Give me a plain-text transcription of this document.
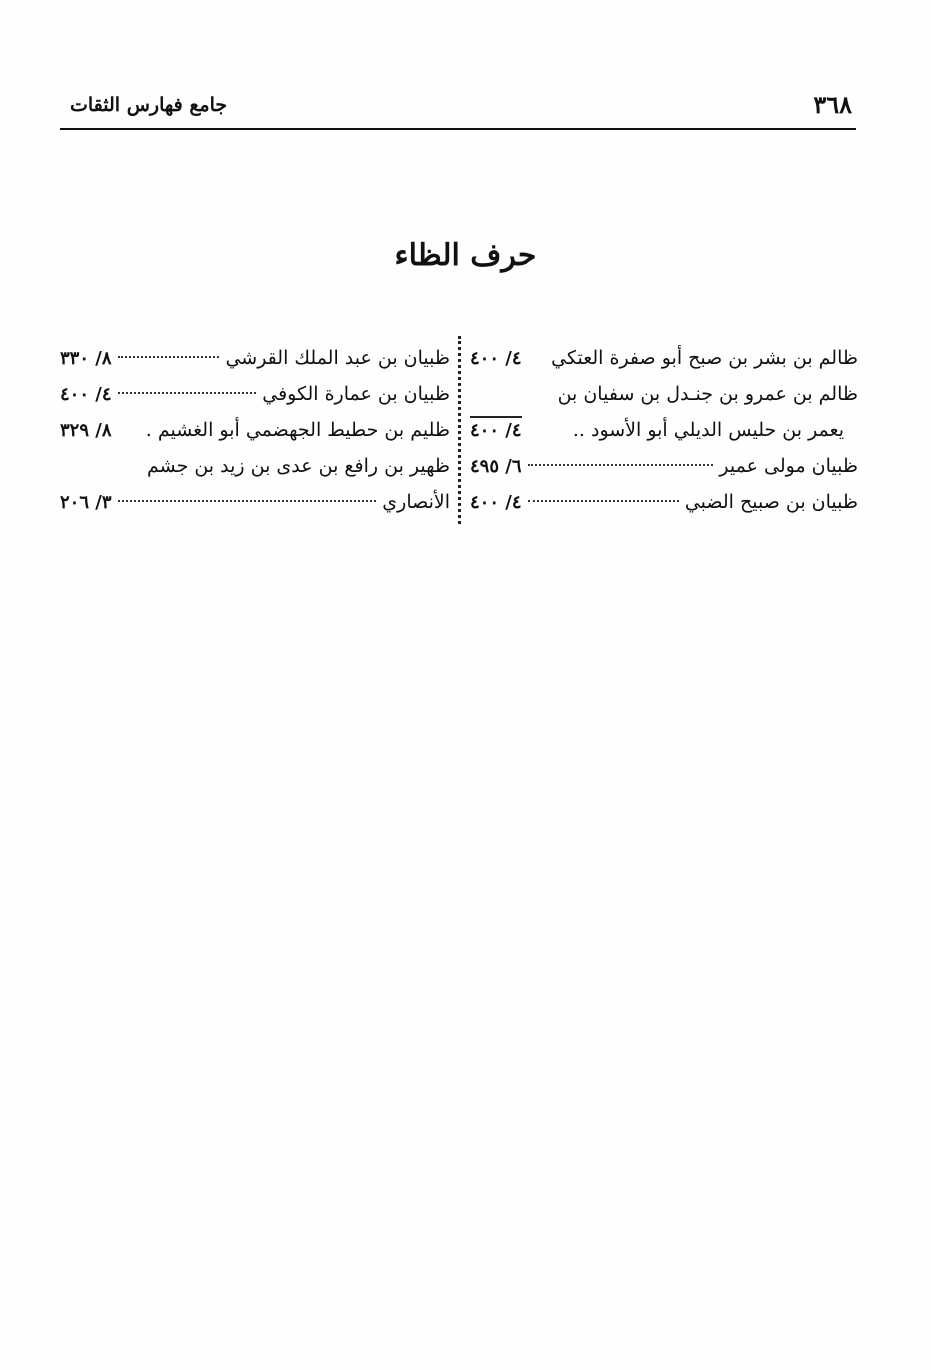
٣٦٨
جامع فهارس الثقات
حرف الظاء
ظالم بن بشر بن صبح أبو صفرة العتكي
٤/ ٤٠٠
ظالم بن عمرو بن جنـدل بن سفيان بن
يعمر بن حليس الديلي أبو الأسود ..
٤/ ٤٠٠
ظبيان مولى عمير
٦/ ٤٩٥
ظبيان بن صبيح الضبي
٤/ ٤٠٠
ظبيان بن عبد الملك القرشي
٨/ ٣٣٠
ظبيان بن عمارة الكوفي
٤/ ٤٠٠
ظليم بن حطيط الجهضمي أبو الغشيم .
٨/ ٣٢٩
ظهير بن رافع بن عدى بن زيد بن جشم
الأنصاري
٣/ ٢٠٦
